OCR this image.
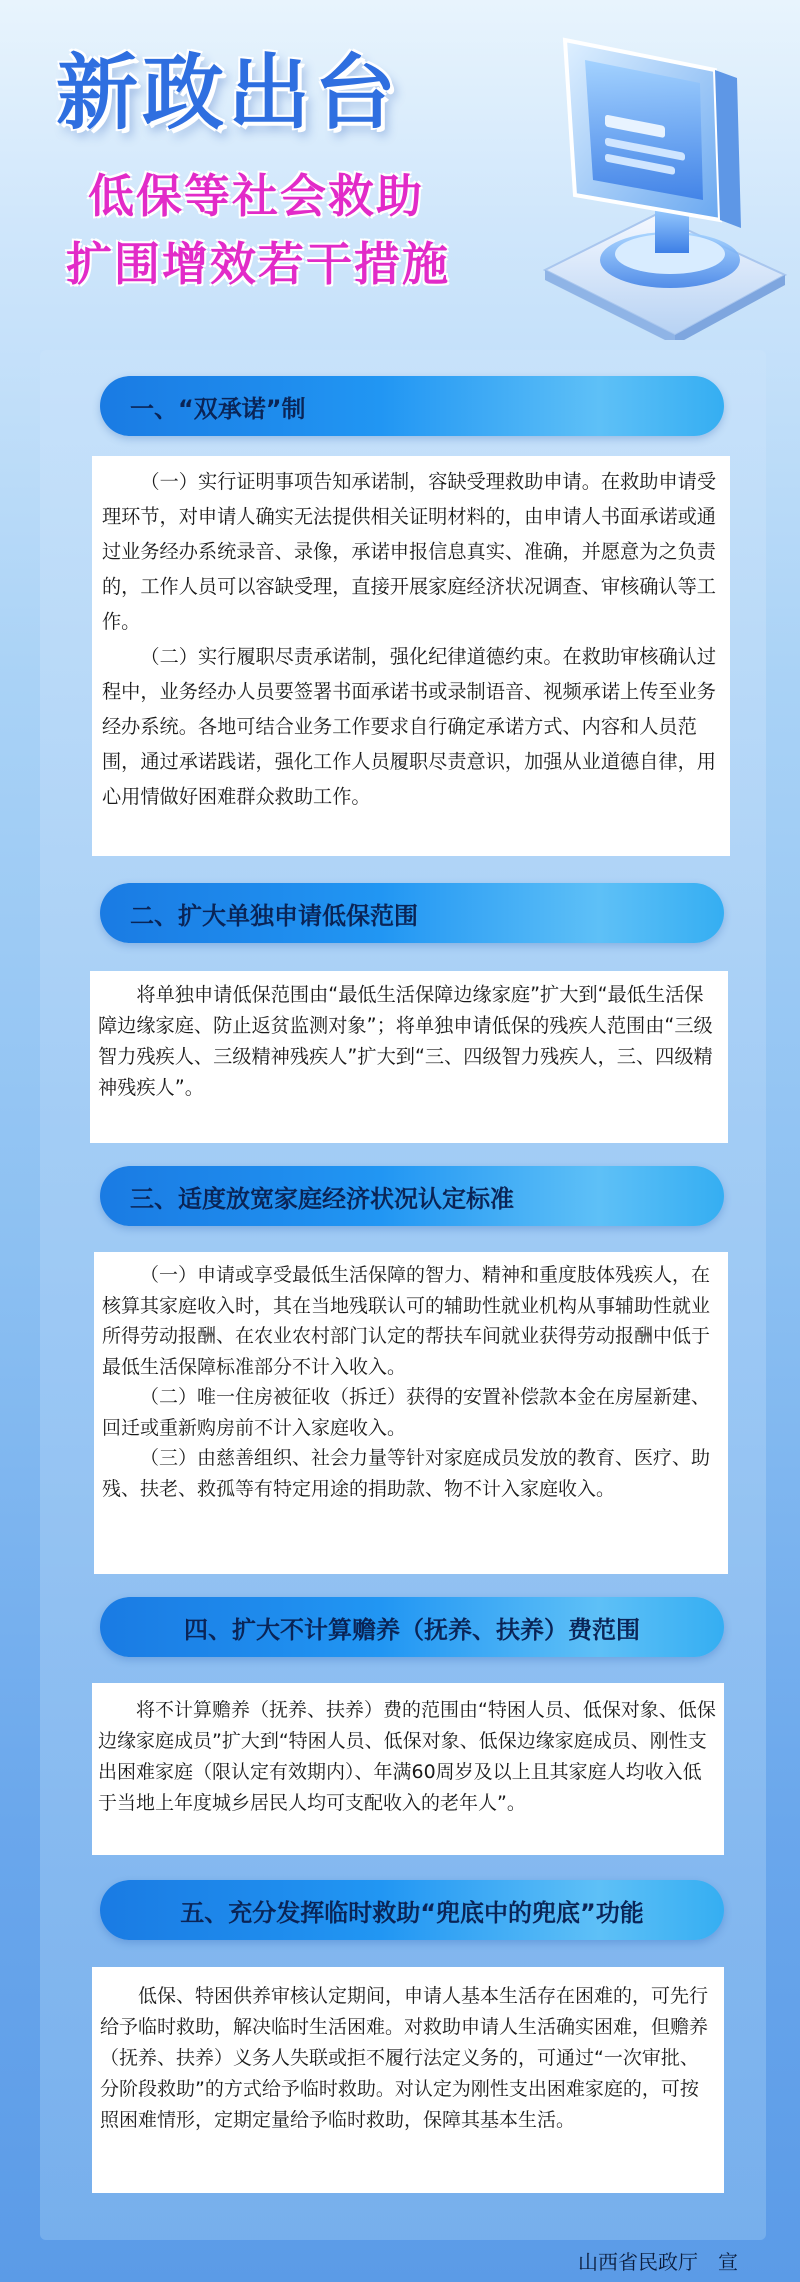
新政出台
低保等社会救助
扩围增效若干措施
一、“双承诺”制

（一）实行证明事项告知承诺制，容缺受理救助申请。在救助申请受理环节，对申请人确实无法提供相关证明材料的，由申请人书面承诺或通过业务经办系统录音、录像，承诺申报信息真实、准确，并愿意为之负责的，工作人员可以容缺受理，直接开展家庭经济状况调查、审核确认等工作。

（二）实行履职尽责承诺制，强化纪律道德约束。在救助审核确认过程中，业务经办人员要签署书面承诺书或录制语音、视频承诺上传至业务经办系统。各地可结合业务工作要求自行确定承诺方式、内容和人员范围，通过承诺践诺，强化工作人员履职尽责意识，加强从业道德自律，用心用情做好困难群众救助工作。

二、扩大单独申请低保范围

将单独申请低保范围由“最低生活保障边缘家庭”扩大到“最低生活保障边缘家庭、防止返贫监测对象”；将单独申请低保的残疾人范围由“三级智力残疾人、三级精神残疾人”扩大到“三、四级智力残疾人，三、四级精神残疾人”。

三、适度放宽家庭经济状况认定标准

（一）申请或享受最低生活保障的智力、精神和重度肢体残疾人，在核算其家庭收入时，其在当地残联认可的辅助性就业机构从事辅助性就业所得劳动报酬、在农业农村部门认定的帮扶车间就业获得劳动报酬中低于最低生活保障标准部分不计入收入。

（二）唯一住房被征收（拆迁）获得的安置补偿款本金在房屋新建、回迁或重新购房前不计入家庭收入。

（三）由慈善组织、社会力量等针对家庭成员发放的教育、医疗、助残、扶老、救孤等有特定用途的捐助款、物不计入家庭收入。

四、扩大不计算赡养（抚养、扶养）费范围

将不计算赡养（抚养、扶养）费的范围由“特困人员、低保对象、低保边缘家庭成员”扩大到“特困人员、低保对象、低保边缘家庭成员、刚性支出困难家庭（限认定有效期内）、年满60周岁及以上且其家庭人均收入低于当地上年度城乡居民人均可支配收入的老年人”。

五、充分发挥临时救助“兜底中的兜底”功能

低保、特困供养审核认定期间，申请人基本生活存在困难的，可先行给予临时救助，解决临时生活困难。对救助申请人生活确实困难，但赡养（抚养、扶养）义务人失联或拒不履行法定义务的，可通过“一次审批、分阶段救助”的方式给予临时救助。对认定为刚性支出困难家庭的，可按照困难情形，定期定量给予临时救助，保障其基本生活。

山西省民政厅　宣
